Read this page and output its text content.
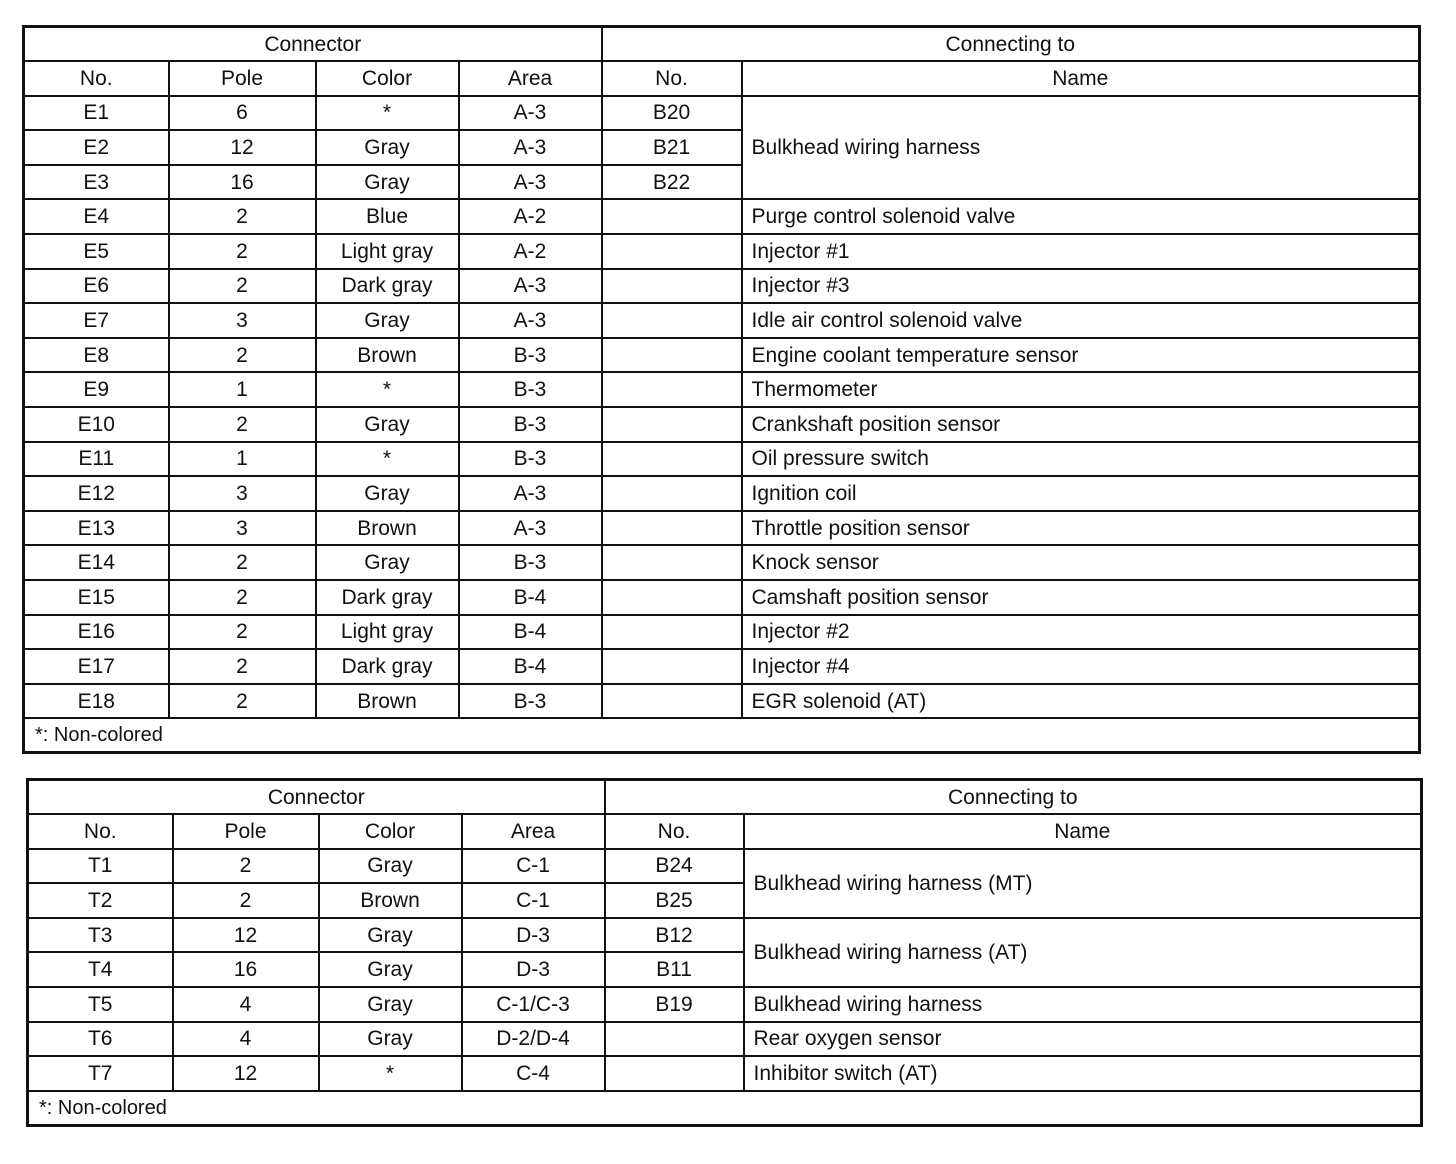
Connector				Connecting to	
No.	Pole	Color	Area	No.	Name
E1	6	*	A-3	B20	Bulkhead wiring harness
E2	12	Gray	A-3	B21	
E3	16	Gray	A-3	B22	
E4	2	Blue	A-2		Purge control solenoid valve
E5	2	Light gray	A-2		Injector #1
E6	2	Dark gray	A-3		Injector #3
E7	3	Gray	A-3		Idle air control solenoid valve
E8	2	Brown	B-3		Engine coolant temperature sensor
E9	1	*	B-3		Thermometer
E10	2	Gray	B-3		Crankshaft position sensor
E11	1	*	B-3		Oil pressure switch
E12	3	Gray	A-3		Ignition coil
E13	3	Brown	A-3		Throttle position sensor
E14	2	Gray	B-3		Knock sensor
E15	2	Dark gray	B-4		Camshaft position sensor
E16	2	Light gray	B-4		Injector #2
E17	2	Dark gray	B-4		Injector #4
E18	2	Brown	B-3		EGR solenoid (AT)
*: Non-colored					
Connector				Connecting to	
No.	Pole	Color	Area	No.	Name
T1	2	Gray	C-1	B24	Bulkhead wiring harness (MT)
T2	2	Brown	C-1	B25	
T3	12	Gray	D-3	B12	Bulkhead wiring harness (AT)
T4	16	Gray	D-3	B11	
T5	4	Gray	C-1/C-3	B19	Bulkhead wiring harness
T6	4	Gray	D-2/D-4		Rear oxygen sensor
T7	12	*	C-4		Inhibitor switch (AT)
*: Non-colored					
